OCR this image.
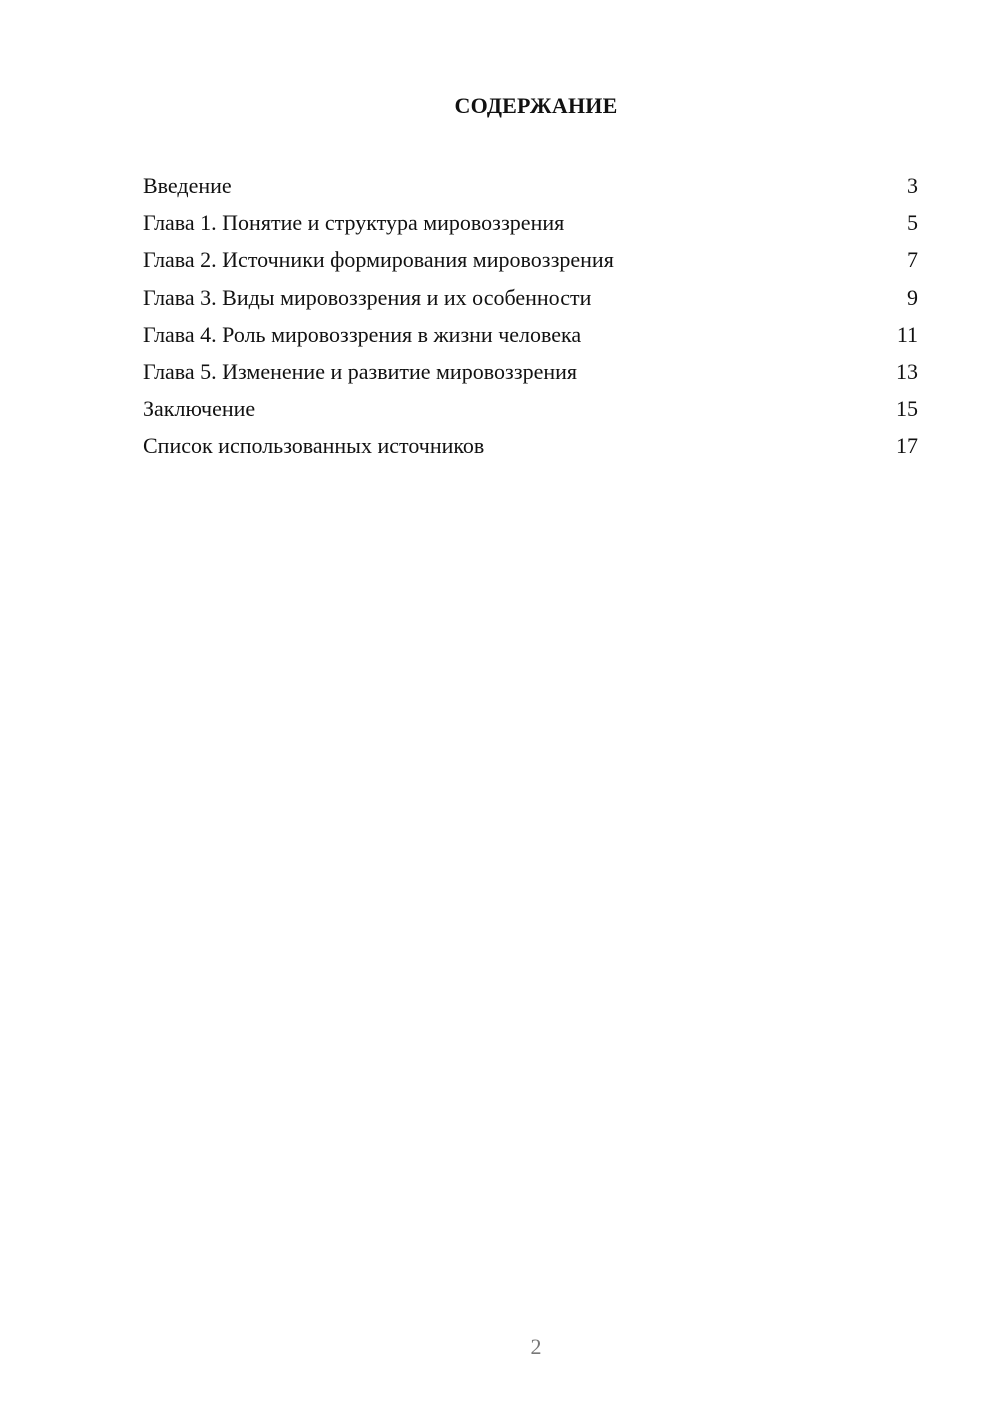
СОДЕРЖАНИЕ
Введение	3
Глава 1. Понятие и структура мировоззрения	5
Глава 2. Источники формирования мировоззрения	7
Глава 3. Виды мировоззрения и их особенности	9
Глава 4. Роль мировоззрения в жизни человека	11
Глава 5. Изменение и развитие мировоззрения	13
Заключение	15
Список использованных источников	17
2
